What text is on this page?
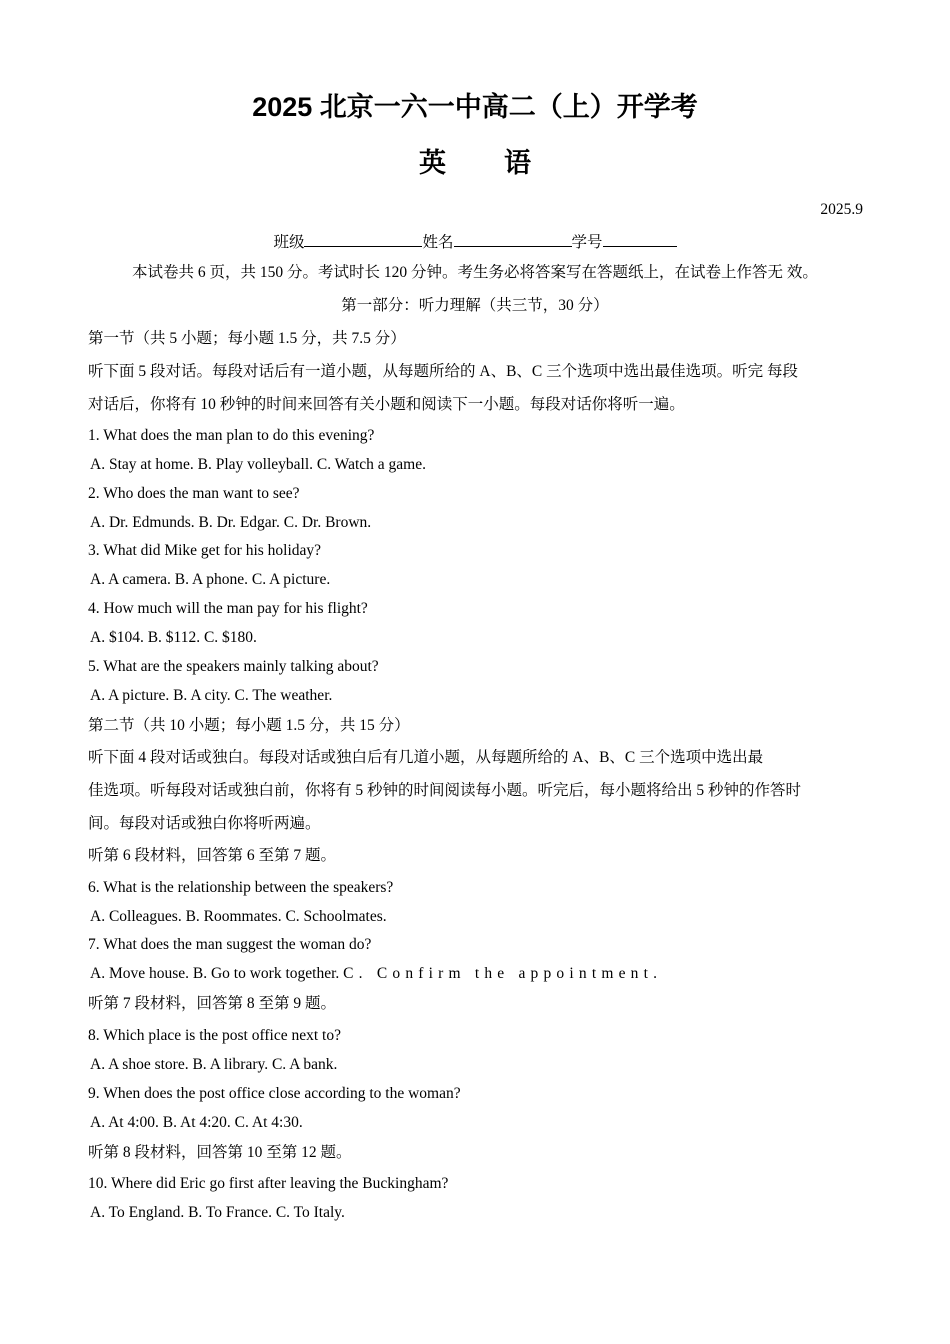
2025 北京一六一中高二（上）开学考
英 语
2025.9
班级	姓名	学号
本试卷共 6 页，共 150 分。考试时长 120 分钟。考生务必将答案写在答题纸上，在试卷上作答无 效。
第一部分：听力理解（共三节，30 分）
第一节（共 5 小题；每小题 1.5 分，共 7.5 分）
听下面 5 段对话。每段对话后有一道小题，从每题所给的 A、B、C 三个选项中选出最佳选项。听完 每段
对话后，你将有 10 秒钟的时间来回答有关小题和阅读下一小题。每段对话你将听一遍。
1. What does the man plan to do this evening?
A. Stay at home. B. Play volleyball. C. Watch a game.
2. Who does the man want to see?
A. Dr. Edmunds. B. Dr. Edgar. C. Dr. Brown.
3. What did Mike get for his holiday?
A. A camera. B. A phone. C. A picture.
4. How much will the man pay for his flight?
A. $104. B. $112. C. $180.
5. What are the speakers mainly talking about?
A. A picture. B. A city. C. The weather.
第二节（共 10 小题；每小题 1.5 分，共 15 分）
听下面 4 段对话或独白。每段对话或独白后有几道小题，从每题所给的 A、B、C 三个选项中选出最
佳选项。听每段对话或独白前，你将有 5 秒钟的时间阅读每小题。听完后，每小题将给出 5 秒钟的作答时
间。每段对话或独白你将听两遍。
听第 6 段材料，回答第 6 至第 7 题。
6. What is the relationship between the speakers?
A. Colleagues. B. Roommates. C. Schoolmates.
7. What does the man suggest the woman do?
A. Move house. B. Go to work together. C. Confirm the appointment.
听第 7 段材料，回答第 8 至第 9 题。
8. Which place is the post office next to?
A. A shoe store. B. A library. C. A bank.
9. When does the post office close according to the woman?
A. At 4:00. B. At 4:20. C. At 4:30.
听第 8 段材料，回答第 10 至第 12 题。
10. Where did Eric go first after leaving the Buckingham?
A. To England. B. To France. C. To Italy.
